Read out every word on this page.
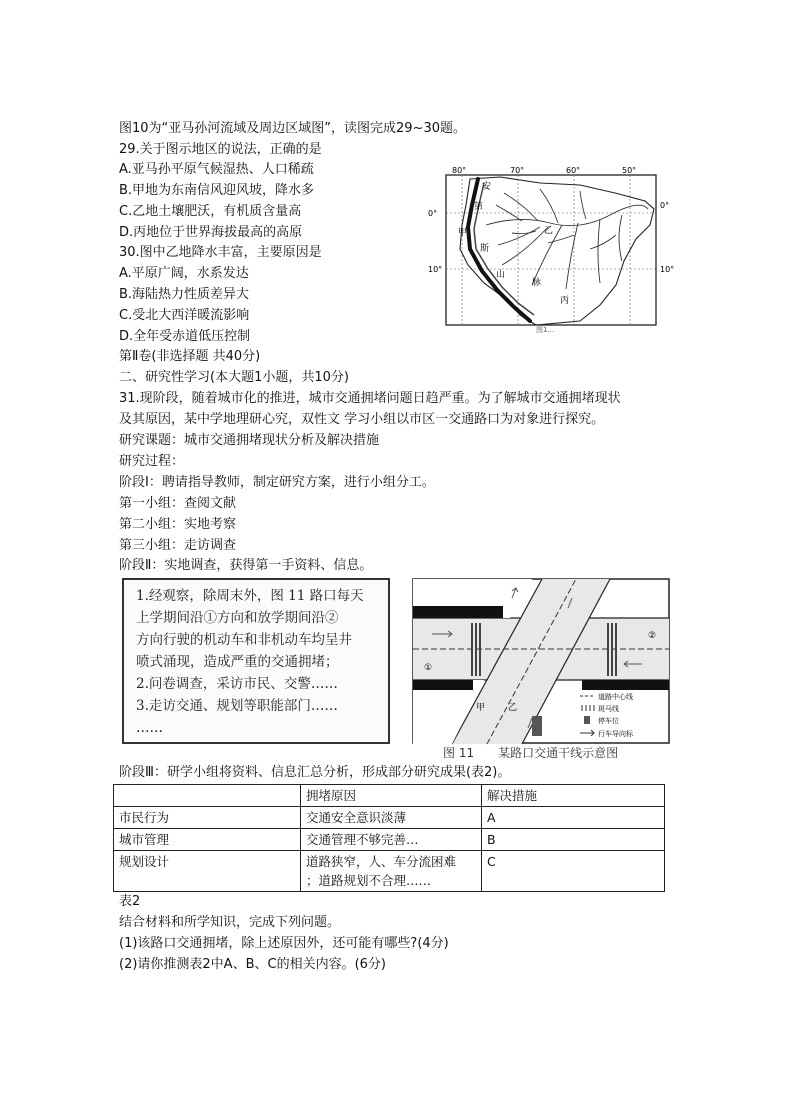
图10为“亚马孙河流域及周边区域图”，读图完成29~30题。
29.关于图示地区的说法，正确的是
A.亚马孙平原气候湿热、人口稀疏
B.甲地为东南信风迎风坡，降水多
C.乙地土壤肥沃，有机质含量高
D.丙地位于世界海拔最高的高原
30.图中乙地降水丰富，主要原因是
A.平原广阔，水系发达
B.海陆热力性质差异大
C.受北大西洋暖流影响
D.全年受赤道低压控制
80°	70°	60°	50°
0°
10°
0°
10°
安
第
斯
山
乙
甲
脉
丙
图1...
第Ⅱ卷(非选择题 共40分)
二、研究性学习(本大题1小题，共10分)
31.现阶段，随着城市化的推进，城市交通拥堵问题日趋严重。为了解城市交通拥堵现状
及其原因，某中学地理研心究，双性文 学习小组以市区一交通路口为对象进行探究。
研究课题：城市交通拥堵现状分析及解决措施
研究过程：
阶段Ⅰ：聘请指导教师，制定研究方案，进行小组分工。
第一小组：查阅文献
第二小组：实地考察
第三小组：走访调查
阶段Ⅱ：实地调查，获得第一手资料、信息。
1.经观察，除周末外，图 11 路口每天
上学期间沿①方向和放学期间沿②
方向行驶的机动车和非机动车均呈井
喷式涌现，造成严重的交通拥堵；
2.问卷调查，采访市民、交警……
3.走访交通、规划等职能部门……
……
①
②
甲	乙
道路中心线
斑马线
停车位
行车导向标
图 11　　某路口交通干线示意图
阶段Ⅲ：研学小组将资料、信息汇总分析，形成部分研究成果(表2)。
	拥堵原因	解决措施
市民行为	交通安全意识淡薄	A
城市管理	交通管理不够完善…	B
规划设计	道路狭窄，人、车分流困难
；道路规划不合理……	C
表2
结合材料和所学知识，完成下列问题。
(1)该路口交通拥堵，除上述原因外，还可能有哪些?(4分)
(2)请你推测表2中A、B、C的相关内容。(6分)
